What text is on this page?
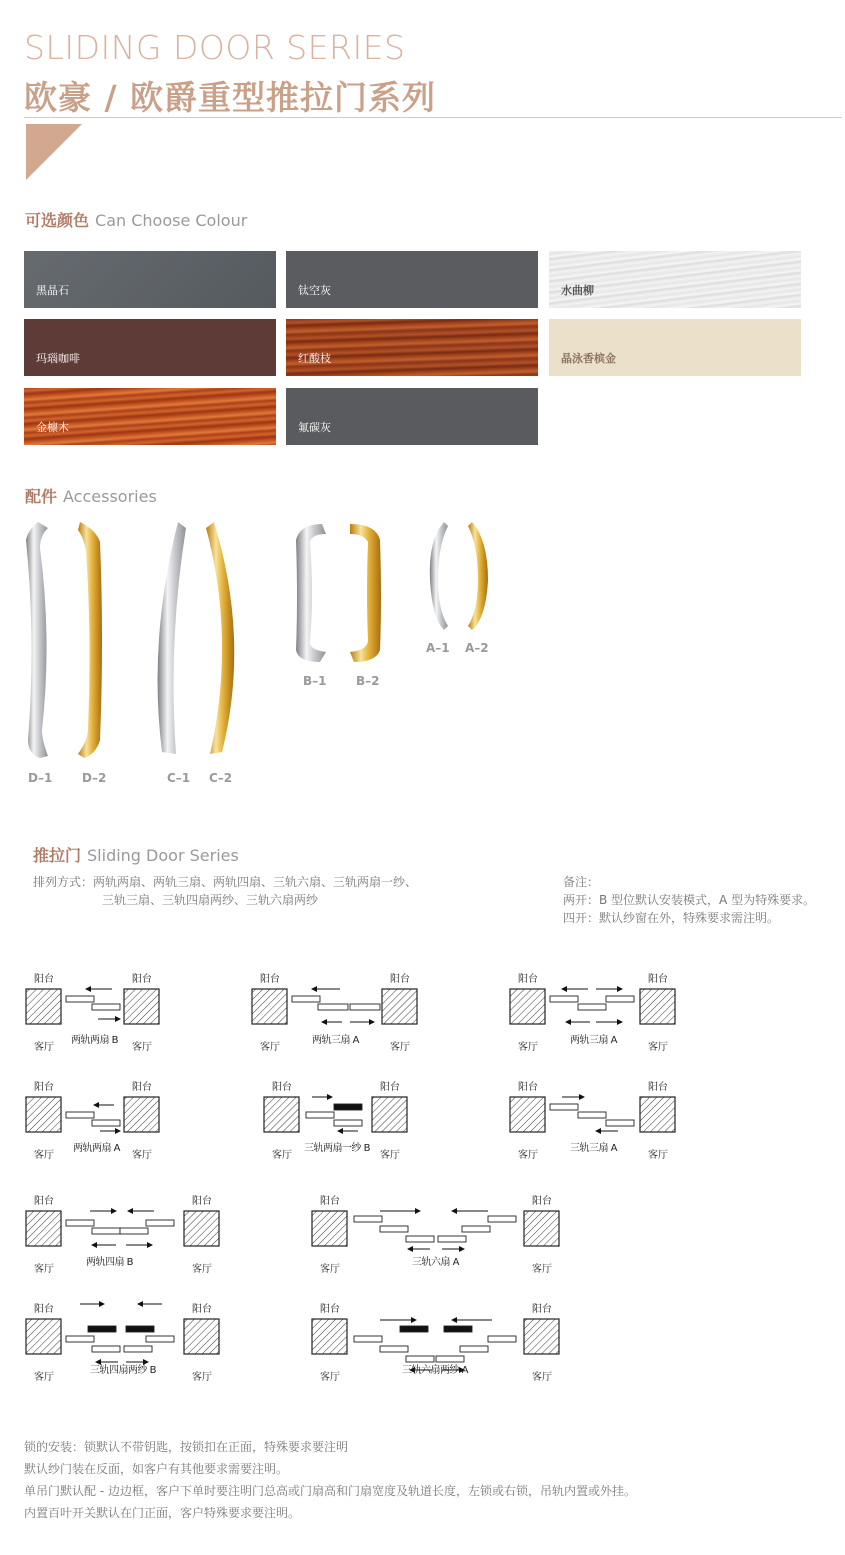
SLIDING DOOR SERIES
欧豪 / 欧爵重型推拉门系列
可选颜色 Can Choose Colour
黑晶石	钛空灰	水曲柳
玛瑙咖啡	红酸枝	晶泳香槟金
金檩木	氟碳灰
配件 Accessories
D–1 D–2	C–1 C–2
B–1 B–2
A–1 A–2
推拉门 Sliding Door Series
排列方式：两轨两扇、两轨三扇、两轨四扇、三轨六扇、三轨两扇一纱、
三轨三扇、三轨四扇两纱、三轨六扇两纱
备注：
两开：B 型位默认安装模式，A 型为特殊要求。
四开：默认纱窗在外，特殊要求需注明。
阳台	阳台
客厅	客厅
两轨两扇 B
阳台	阳台
客厅	客厅
两轨三扇 A
阳台	阳台
客厅	客厅
两轨三扇 A
阳台	阳台
客厅	客厅
两轨两扇 A
阳台	阳台
客厅	客厅
三轨两扇一纱 B
阳台	阳台
客厅	客厅
三轨三扇 A
阳台	阳台
客厅	客厅
两轨四扇 B
阳台	阳台
客厅	客厅
三轨六扇 A
阳台	阳台
客厅	客厅
三轨四扇两纱 B
阳台	阳台
客厅	客厅
三轨六扇两纱 A
锁的安装：锁默认不带钥匙，按锁扣在正面，特殊要求要注明
默认纱门装在反面，如客户有其他要求需要注明。
单吊门默认配 - 边边框，客户下单时要注明门总高或门扇高和门扇宽度及轨道长度，左锁或右锁，吊轨内置或外挂。
内置百叶开关默认在门正面，客户特殊要求要注明。
